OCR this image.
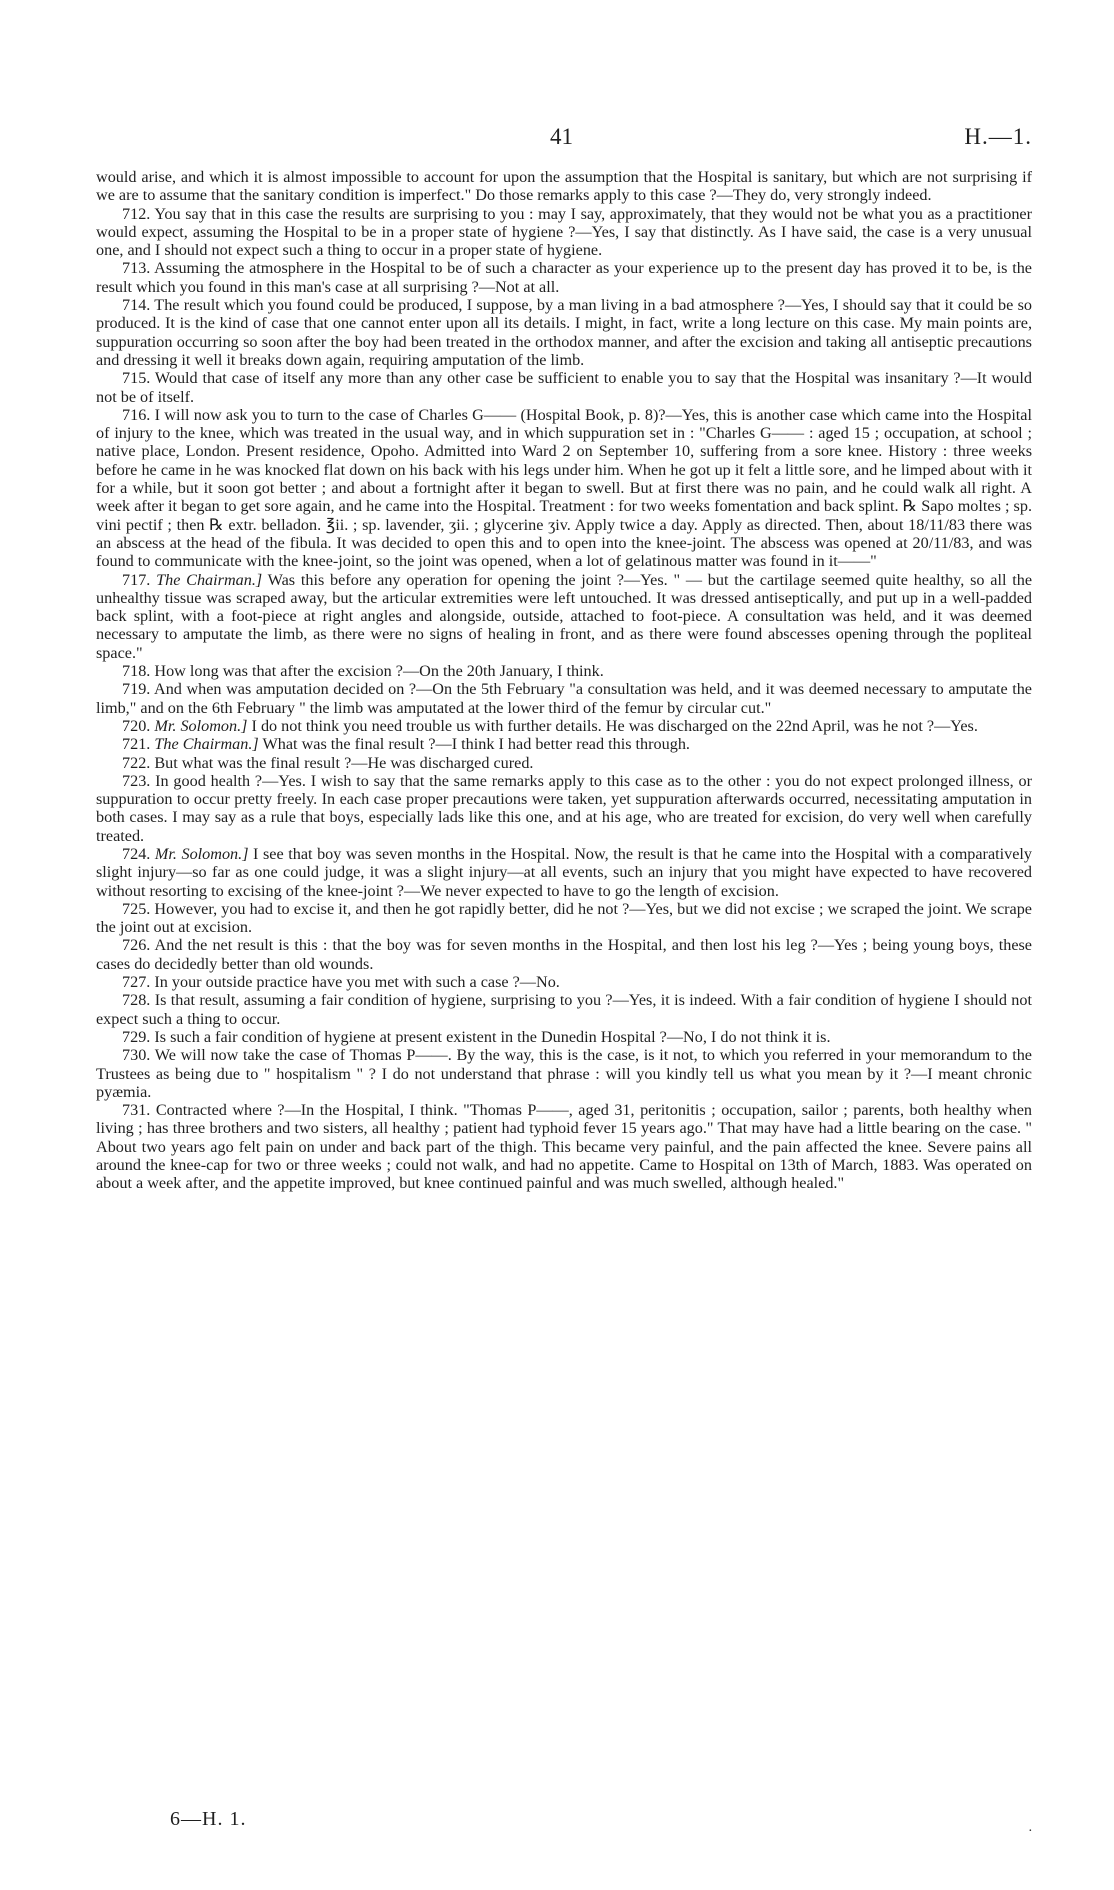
41	H.—1.

would arise, and which it is almost impossible to account for upon the assumption that the Hospital is sanitary, but which are not surprising if we are to assume that the sanitary condition is imperfect." Do those remarks apply to this case ?—They do, very strongly indeed.

712. You say that in this case the results are surprising to you : may I say, approximately, that they would not be what you as a practitioner would expect, assuming the Hospital to be in a proper state of hygiene ?—Yes, I say that distinctly. As I have said, the case is a very unusual one, and I should not expect such a thing to occur in a proper state of hygiene.

713. Assuming the atmosphere in the Hospital to be of such a character as your experience up to the present day has proved it to be, is the result which you found in this man's case at all surprising ?—Not at all.

714. The result which you found could be produced, I suppose, by a man living in a bad atmosphere ?—Yes, I should say that it could be so produced. It is the kind of case that one cannot enter upon all its details. I might, in fact, write a long lecture on this case. My main points are, suppuration occurring so soon after the boy had been treated in the orthodox manner, and after the excision and taking all antiseptic precautions and dressing it well it breaks down again, requiring amputation of the limb.

715. Would that case of itself any more than any other case be sufficient to enable you to say that the Hospital was insanitary ?—It would not be of itself.

716. I will now ask you to turn to the case of Charles G—— (Hospital Book, p. 8)?—Yes, this is another case which came into the Hospital of injury to the knee, which was treated in the usual way, and in which suppuration set in : "Charles G—— : aged 15 ; occupation, at school ; native place, London. Present residence, Opoho. Admitted into Ward 2 on September 10, suffering from a sore knee. History : three weeks before he came in he was knocked flat down on his back with his legs under him. When he got up it felt a little sore, and he limped about with it for a while, but it soon got better ; and about a fortnight after it began to swell. But at first there was no pain, and he could walk all right. A week after it began to get sore again, and he came into the Hospital. Treatment : for two weeks fomentation and back splint. ℞ Sapo moltes ; sp. vini pectif ; then ℞ extr. belladon. ℥ii. ; sp. lavender, ʒii. ; glycerine ʒiv. Apply twice a day. Apply as directed. Then, about 18/11/83 there was an abscess at the head of the fibula. It was decided to open this and to open into the knee-joint. The abscess was opened at 20/11/83, and was found to communicate with the knee-joint, so the joint was opened, when a lot of gelatinous matter was found in it——"

717. The Chairman.] Was this before any operation for opening the joint ?—Yes. " — but the cartilage seemed quite healthy, so all the unhealthy tissue was scraped away, but the articular extremities were left untouched. It was dressed antiseptically, and put up in a well-padded back splint, with a foot-piece at right angles and alongside, outside, attached to foot-piece. A consultation was held, and it was deemed necessary to amputate the limb, as there were no signs of healing in front, and as there were found abscesses opening through the popliteal space."

718. How long was that after the excision ?—On the 20th January, I think.

719. And when was amputation decided on ?—On the 5th February "a consultation was held, and it was deemed necessary to amputate the limb," and on the 6th February " the limb was amputated at the lower third of the femur by circular cut."

720. Mr. Solomon.] I do not think you need trouble us with further details. He was discharged on the 22nd April, was he not ?—Yes.

721. The Chairman.] What was the final result ?—I think I had better read this through.

722. But what was the final result ?—He was discharged cured.

723. In good health ?—Yes. I wish to say that the same remarks apply to this case as to the other : you do not expect prolonged illness, or suppuration to occur pretty freely. In each case proper precautions were taken, yet suppuration afterwards occurred, necessitating amputation in both cases. I may say as a rule that boys, especially lads like this one, and at his age, who are treated for excision, do very well when carefully treated.

724. Mr. Solomon.] I see that boy was seven months in the Hospital. Now, the result is that he came into the Hospital with a comparatively slight injury—so far as one could judge, it was a slight injury—at all events, such an injury that you might have expected to have recovered without resorting to excising of the knee-joint ?—We never expected to have to go the length of excision.

725. However, you had to excise it, and then he got rapidly better, did he not ?—Yes, but we did not excise ; we scraped the joint. We scrape the joint out at excision.

726. And the net result is this : that the boy was for seven months in the Hospital, and then lost his leg ?—Yes ; being young boys, these cases do decidedly better than old wounds.

727. In your outside practice have you met with such a case ?—No.

728. Is that result, assuming a fair condition of hygiene, surprising to you ?—Yes, it is indeed. With a fair condition of hygiene I should not expect such a thing to occur.

729. Is such a fair condition of hygiene at present existent in the Dunedin Hospital ?—No, I do not think it is.

730. We will now take the case of Thomas P——. By the way, this is the case, is it not, to which you referred in your memorandum to the Trustees as being due to " hospitalism " ? I do not understand that phrase : will you kindly tell us what you mean by it ?—I meant chronic pyæmia.

731. Contracted where ?—In the Hospital, I think. "Thomas P——, aged 31, peritonitis ; occupation, sailor ; parents, both healthy when living ; has three brothers and two sisters, all healthy ; patient had typhoid fever 15 years ago." That may have had a little bearing on the case. " About two years ago felt pain on under and back part of the thigh. This became very painful, and the pain affected the knee. Severe pains all around the knee-cap for two or three weeks ; could not walk, and had no appetite. Came to Hospital on 13th of March, 1883. Was operated on about a week after, and the appetite improved, but knee continued painful and was much swelled, although healed."

6—H. 1.
·
